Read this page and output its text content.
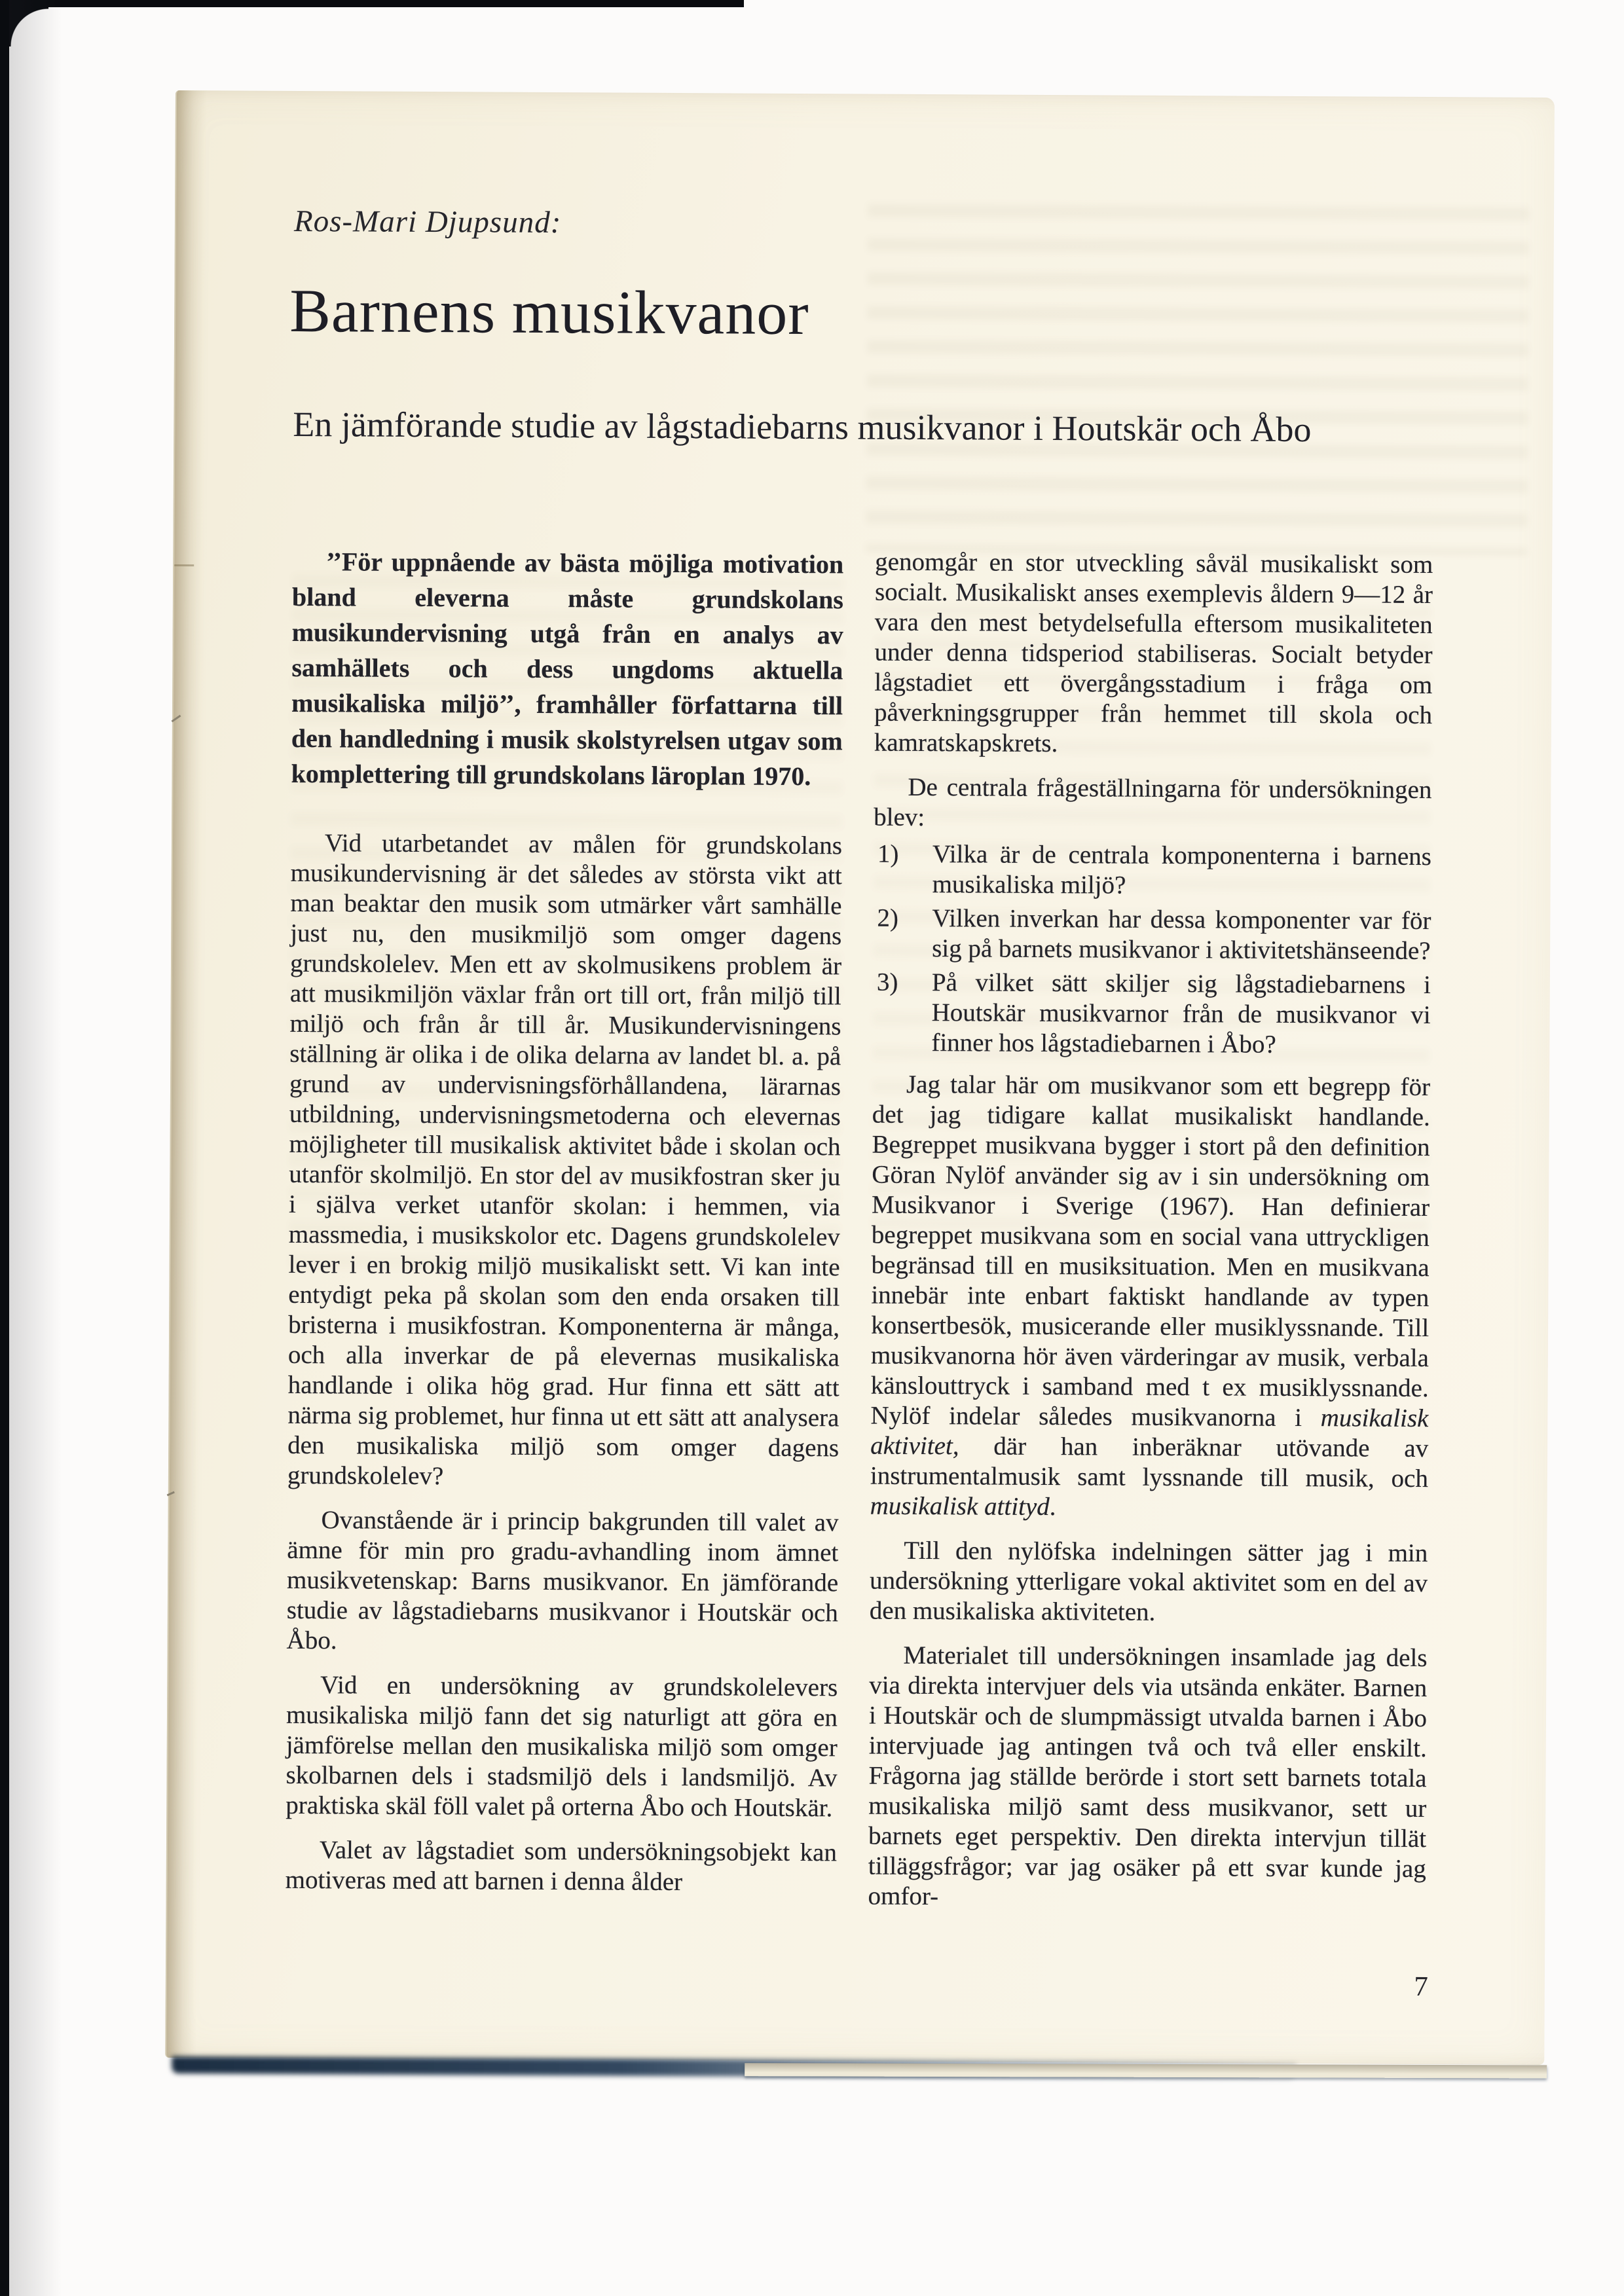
Ros-Mari Djupsund:
Barnens musikvanor
En jämförande studie av lågstadiebarns musikvanor i Houtskär och Åbo

’’För uppnående av bästa möjliga motivation bland eleverna måste grundskolans musikundervisning utgå från en analys av samhällets och dess ungdoms aktuella musikaliska miljö’’, framhåller författarna till den handledning i musik skolstyrelsen utgav som komplettering till grundskolans läroplan 1970.

Vid utarbetandet av målen för grundskolans musikundervisning är det således av största vikt att man beaktar den musik som utmärker vårt samhälle just nu, den musikmiljö som omger dagens grundskolelev. Men ett av skolmusikens problem är att musikmiljön växlar från ort till ort, från miljö till miljö och från år till år. Musikundervisningens ställning är olika i de olika delarna av landet bl. a. på grund av undervisningsförhållandena, lärarnas utbildning, undervisningsmetoderna och elevernas möjligheter till musikalisk aktivitet både i skolan och utanför skolmiljö. En stor del av musikfostran sker ju i själva verket utanför skolan: i hemmen, via massmedia, i musikskolor etc. Dagens grundskolelev lever i en brokig miljö musikaliskt sett. Vi kan inte entydigt peka på skolan som den enda orsaken till bristerna i musikfostran. Komponenterna är många, och alla inverkar de på elevernas musikaliska handlande i olika hög grad. Hur finna ett sätt att närma sig problemet, hur finna ut ett sätt att analysera den musikaliska miljö som omger dagens grundskolelev?

Ovanstående är i princip bakgrunden till valet av ämne för min pro gradu-avhandling inom ämnet musikvetenskap: Barns musikvanor. En jämförande studie av lågstadiebarns musikvanor i Houtskär och Åbo.

Vid en undersökning av grundskolelevers musikaliska miljö fann det sig naturligt att göra en jämförelse mellan den musikaliska miljö som omger skolbarnen dels i stadsmiljö dels i landsmiljö. Av praktiska skäl föll valet på orterna Åbo och Houtskär.

Valet av lågstadiet som undersökningsobjekt kan motiveras med att barnen i denna ålder

genomgår en stor utveckling såväl musikaliskt som socialt. Musikaliskt anses exemplevis åldern 9—12 år vara den mest betydelsefulla eftersom musikaliteten under denna tidsperiod stabiliseras. Socialt betyder lågstadiet ett övergångsstadium i fråga om påverkningsgrupper från hemmet till skola och kamratskapskrets.

De centrala frågeställningarna för undersökningen blev:

1) Vilka är de centrala komponenterna i barnens musikaliska miljö?

2) Vilken inverkan har dessa komponenter var för sig på barnets musikvanor i aktivitetshänseende?

3) På vilket sätt skiljer sig lågstadiebarnens i Houtskär musikvarnor från de musikvanor vi finner hos lågstadiebarnen i Åbo?

Jag talar här om musikvanor som ett begrepp för det jag tidigare kallat musikaliskt handlande. Begreppet musikvana bygger i stort på den definition Göran Nylöf använder sig av i sin undersökning om Musikvanor i Sverige (1967). Han definierar begreppet musikvana som en social vana uttryckligen begränsad till en musiksituation. Men en musikvana innebär inte enbart faktiskt handlande av typen konsertbesök, musicerande eller musiklyssnande. Till musikvanorna hör även värderingar av musik, verbala känslouttryck i samband med t ex musiklyssnande. Nylöf indelar således musikvanorna i musikalisk aktivitet, där han inberäknar utövande av instrumentalmusik samt lyssnande till musik, och musikalisk attityd.

Till den nylöfska indelningen sätter jag i min undersökning ytterligare vokal aktivitet som en del av den musikaliska aktiviteten.

Materialet till undersökningen insamlade jag dels via direkta intervjuer dels via utsända enkäter. Barnen i Houtskär och de slumpmässigt utvalda barnen i Åbo intervjuade jag antingen två och två eller enskilt. Frågorna jag ställde berörde i stort sett barnets totala musikaliska miljö samt dess musikvanor, sett ur barnets eget perspektiv. Den direkta intervjun tillät tilläggsfrågor; var jag osäker på ett svar kunde jag omfor-

7
